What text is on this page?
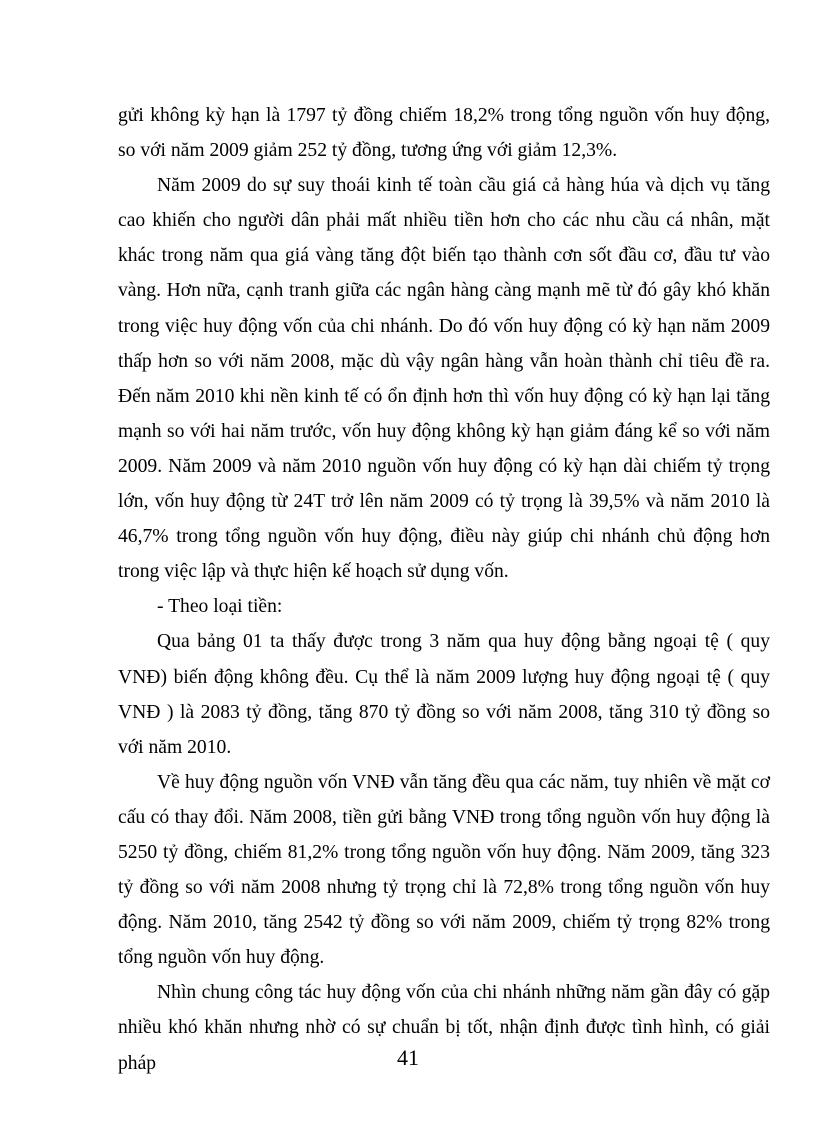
gửi không kỳ hạn là 1797 tỷ đồng chiếm 18,2% trong tổng nguồn vốn huy động, so với năm 2009 giảm 252 tỷ đồng, tương ứng với giảm 12,3%.

Năm 2009 do sự suy thoái kinh tế toàn cầu giá cả hàng húa và dịch vụ tăng cao khiến cho người dân phải mất nhiều tiền hơn cho các nhu cầu cá nhân, mặt khác trong năm qua giá vàng tăng đột biến tạo thành cơn sốt đầu cơ, đầu tư vào vàng. Hơn nữa, cạnh tranh giữa các ngân hàng càng mạnh mẽ từ đó gây khó khăn trong việc huy động vốn của chi nhánh. Do đó vốn huy động có kỳ hạn năm 2009 thấp hơn so với năm 2008, mặc dù vậy ngân hàng vẫn hoàn thành chỉ tiêu đề ra. Đến năm 2010 khi nền kinh tế có ổn định hơn thì vốn huy động có kỳ hạn lại tăng mạnh so với hai năm trước, vốn huy động không kỳ hạn giảm đáng kể so với năm 2009. Năm 2009 và năm 2010 nguồn vốn huy động có kỳ hạn dài chiếm tỷ trọng lớn, vốn huy động từ 24T trở lên năm 2009 có tỷ trọng là 39,5% và năm 2010 là 46,7% trong tổng nguồn vốn huy động, điều này giúp chi nhánh chủ động hơn trong việc lập và thực hiện kế hoạch sử dụng vốn.

- Theo loại tiền:

Qua bảng 01 ta thấy được trong 3 năm qua huy động bằng ngoại tệ ( quy VNĐ) biến động không đều. Cụ thể là năm 2009 lượng huy động ngoại tệ ( quy VNĐ ) là 2083 tỷ đồng, tăng 870 tỷ đồng so với năm 2008, tăng 310 tỷ đồng so với năm 2010.

Về huy động nguồn vốn VNĐ vẫn tăng đều qua các năm, tuy nhiên về mặt cơ cấu có thay đổi. Năm 2008, tiền gửi bằng VNĐ trong tổng nguồn vốn huy động là 5250 tỷ đồng, chiếm 81,2% trong tổng nguồn vốn huy động. Năm 2009, tăng 323 tỷ đồng so với năm 2008 nhưng tỷ trọng chỉ là 72,8% trong tổng nguồn vốn huy động. Năm 2010, tăng 2542 tỷ đồng so với năm 2009, chiếm tỷ trọng 82% trong tổng nguồn vốn huy động.

Nhìn chung công tác huy động vốn của chi nhánh những năm gần đây có gặp nhiều khó khăn nhưng nhờ có sự chuẩn bị tốt, nhận định được tình hình, có giải pháp	41
